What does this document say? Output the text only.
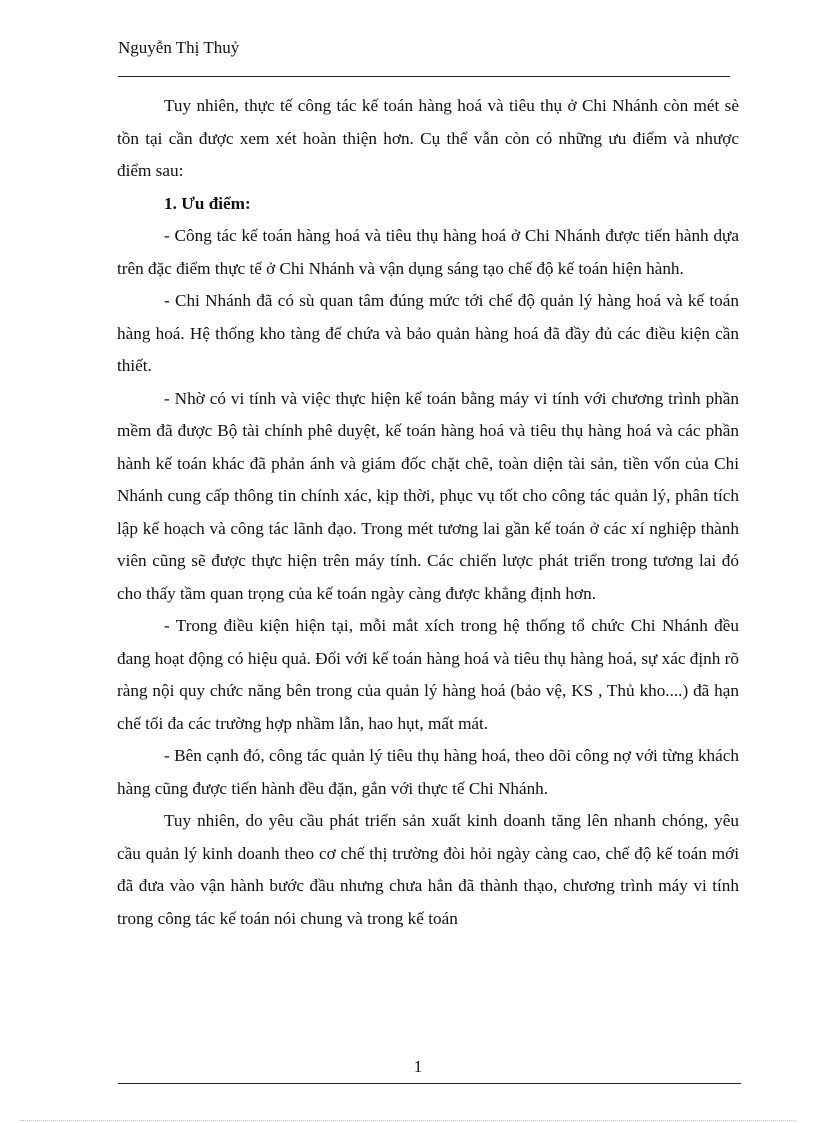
Nguyễn Thị Thuỷ

Tuy nhiên, thực tế công tác kế toán hàng hoá và tiêu thụ ở Chi Nhánh còn mét sè tồn tại cần được xem xét hoàn thiện hơn. Cụ thể vẫn còn có những ưu điểm và nhược điểm sau:

1. Ưu điểm:

- Công tác kế toán hàng hoá và tiêu thụ hàng hoá ở Chi Nhánh được tiến hành dựa trên đặc điểm thực tế ở Chi Nhánh và vận dụng sáng tạo chế độ kế toán hiện hành.

- Chi Nhánh đã có sù quan tâm đúng mức tới chế độ quản lý hàng hoá và kế toán hàng hoá. Hệ thống kho tàng để chứa và bảo quản hàng hoá đã đầy đủ các điều kiện cần thiết.

- Nhờ có vi tính và việc thực hiện kế toán bằng máy vi tính với chương trình phần mềm đã được Bộ tài chính phê duyệt, kế toán hàng hoá và tiêu thụ hàng hoá và các phần hành kế toán khác đã phản ánh và giám đốc chặt chẽ, toàn diện tài sản, tiền vốn của Chi Nhánh cung cấp thông tin chính xác, kịp thời, phục vụ tốt cho công tác quản lý, phân tích lập kế hoạch và công tác lãnh đạo. Trong mét tương lai gần kế toán ở các xí nghiệp thành viên cũng sẽ được thực hiện trên máy tính. Các chiến lược phát triển trong tương lai đó cho thấy tầm quan trọng của kế toán ngày càng được khẳng định hơn.

- Trong điều kiện hiện tại, mỗi mắt xích trong hệ thống tổ chức Chi Nhánh đều đang hoạt động có hiệu quả. Đối với kế toán hàng hoá và tiêu thụ hàng hoá, sự xác định rõ ràng nội quy chức năng bên trong của quản lý hàng hoá (bảo vệ, KS , Thủ kho....) đã hạn chế tối đa các trường hợp nhầm lẫn, hao hụt, mất mát.

- Bên cạnh đó, công tác quản lý tiêu thụ hàng hoá, theo dõi công nợ với từng khách hàng cũng được tiến hành đều đặn, gắn với thực tế Chi Nhánh.

Tuy nhiên, do yêu cầu phát triển sản xuất kinh doanh tăng lên nhanh chóng, yêu cầu quản lý kinh doanh theo cơ chế thị trường đòi hỏi ngày càng cao, chế độ kế toán mới đã đưa vào vận hành bước đầu nhưng chưa hẳn đã thành thạo, chương trình máy vi tính trong công tác kế toán nói chung và trong kế toán

1
